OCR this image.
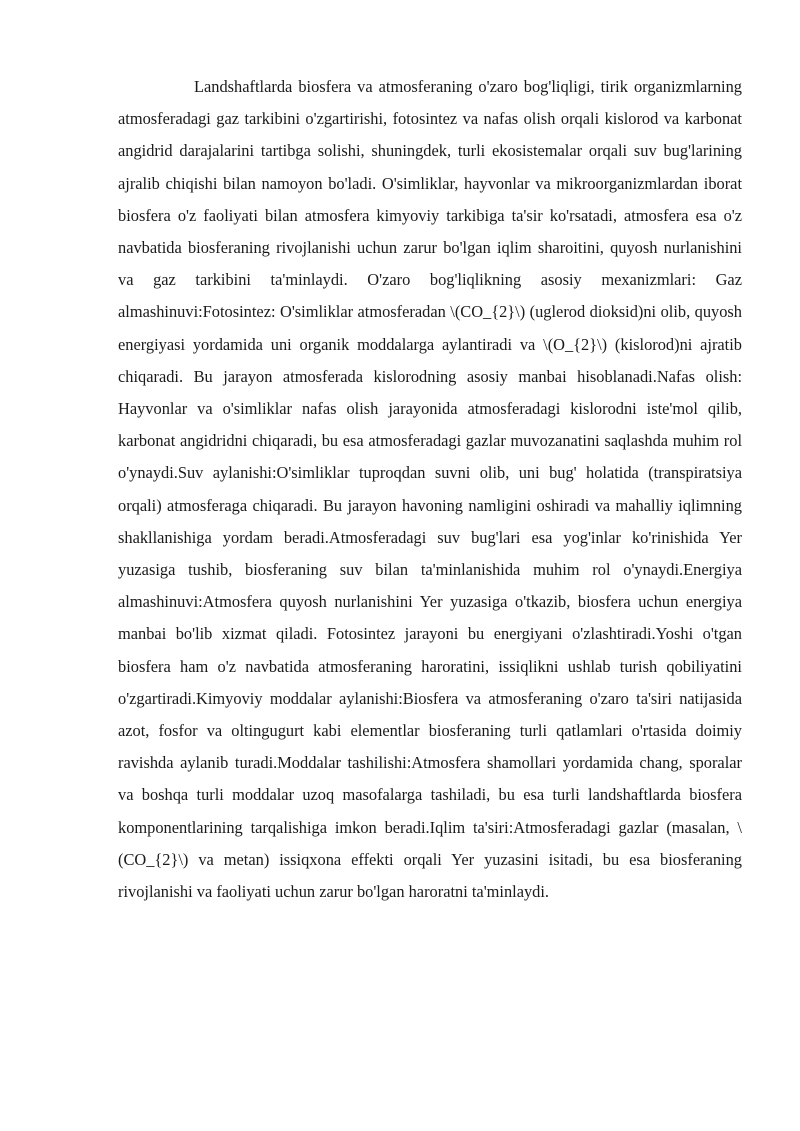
Landshaftlarda biosfera va atmosferaning o'zaro bog'liqligi, tirik organizmlarning atmosferadagi gaz tarkibini o'zgartirishi, fotosintez va nafas olish orqali kislorod va karbonat angidrid darajalarini tartibga solishi, shuningdek, turli ekosistemalar orqali suv bug'larining ajralib chiqishi bilan namoyon bo'ladi. O'simliklar, hayvonlar va mikroorganizmlardan iborat biosfera o'z faoliyati bilan atmosfera kimyoviy tarkibiga ta'sir ko'rsatadi, atmosfera esa o'z navbatida biosferaning rivojlanishi uchun zarur bo'lgan iqlim sharoitini, quyosh nurlanishini va gaz tarkibini ta'minlaydi. O'zaro bog'liqlikning asosiy mexanizmlari: Gaz almashinuvi:Fotosintez: O'simliklar atmosferadan \(CO_{2}\) (uglerod dioksid)ni olib, quyosh energiyasi yordamida uni organik moddalarga aylantiradi va \(O_{2}\) (kislorod)ni ajratib chiqaradi. Bu jarayon atmosferada kislorodning asosiy manbai hisoblanadi.Nafas olish: Hayvonlar va o'simliklar nafas olish jarayonida atmosferadagi kislorodni iste'mol qilib, karbonat angidridni chiqaradi, bu esa atmosferadagi gazlar muvozanatini saqlashda muhim rol o'ynaydi.Suv aylanishi:O'simliklar tuproqdan suvni olib, uni bug' holatida (transpiratsiya orqali) atmosferaga chiqaradi. Bu jarayon havoning namligini oshiradi va mahalliy iqlimning shakllanishiga yordam beradi.Atmosferadagi suv bug'lari esa yog'inlar ko'rinishida Yer yuzasiga tushib, biosferaning suv bilan ta'minlanishida muhim rol o'ynaydi.Energiya almashinuvi:Atmosfera quyosh nurlanishini Yer yuzasiga o'tkazib, biosfera uchun energiya manbai bo'lib xizmat qiladi. Fotosintez jarayoni bu energiyani o'zlashtiradi.Yoshi o'tgan biosfera ham o'z navbatida atmosferaning haroratini, issiqlikni ushlab turish qobiliyatini o'zgartiradi.Kimyoviy moddalar aylanishi:Biosfera va atmosferaning o'zaro ta'siri natijasida azot, fosfor va oltingugurt kabi elementlar biosferaning turli qatlamlari o'rtasida doimiy ravishda aylanib turadi.Moddalar tashilishi:Atmosfera shamollari yordamida chang, sporalar va boshqa turli moddalar uzoq masofalarga tashiladi, bu esa turli landshaftlarda biosfera komponentlarining tarqalishiga imkon beradi.Iqlim ta'siri:Atmosferadagi gazlar (masalan, \(CO_{2}\) va metan) issiqxona effekti orqali Yer yuzasini isitadi, bu esa biosferaning rivojlanishi va faoliyati uchun zarur bo'lgan haroratni ta'minlaydi.
